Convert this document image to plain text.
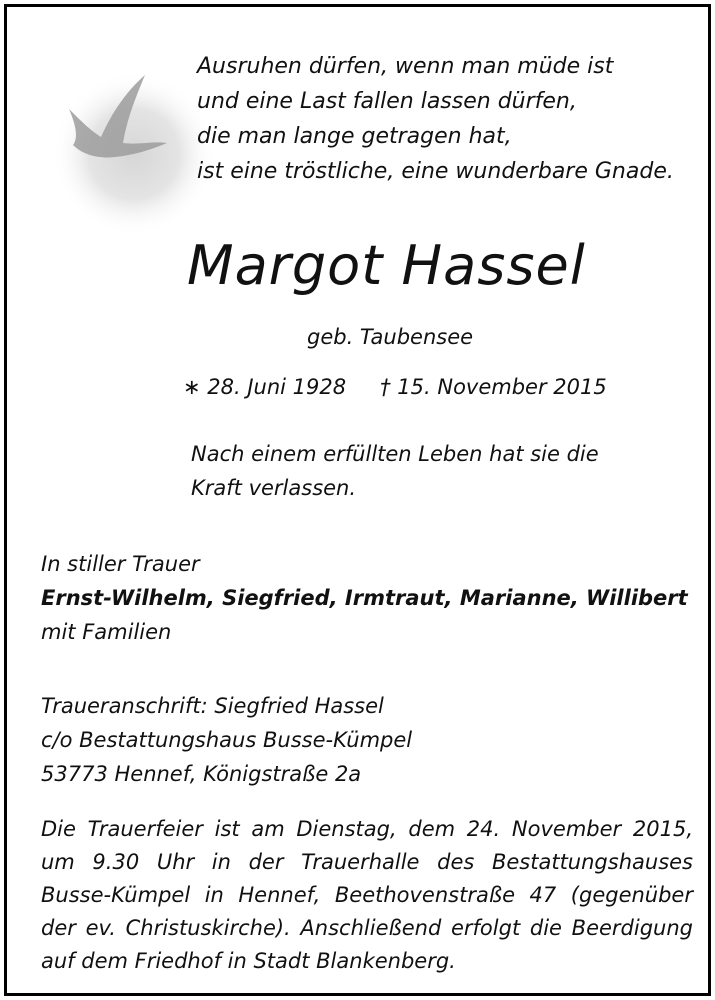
Ausruhen dürfen, wenn man müde ist
und eine Last fallen lassen dürfen,
die man lange getragen hat,
ist eine tröstliche, eine wunderbare Gnade.
Margot Hassel
geb. Taubensee
∗ 28. Juni 1928 † 15. November 2015
Nach einem erfüllten Leben hat sie die
Kraft verlassen.
In stiller Trauer
Ernst-Wilhelm, Siegfried, Irmtraut, Marianne, Willibert
mit Familien
Traueranschrift: Siegfried Hassel
c/o Bestattungshaus Busse-Kümpel
53773 Hennef, Königstraße 2a
Die Trauerfeier ist am Dienstag, dem 24. November 2015,
um 9.30 Uhr in der Trauerhalle des Bestattungshauses
Busse-Kümpel in Hennef, Beethovenstraße 47 (gegenüber
der ev. Christuskirche). Anschließend erfolgt die Beerdigung
auf dem Friedhof in Stadt Blankenberg.
